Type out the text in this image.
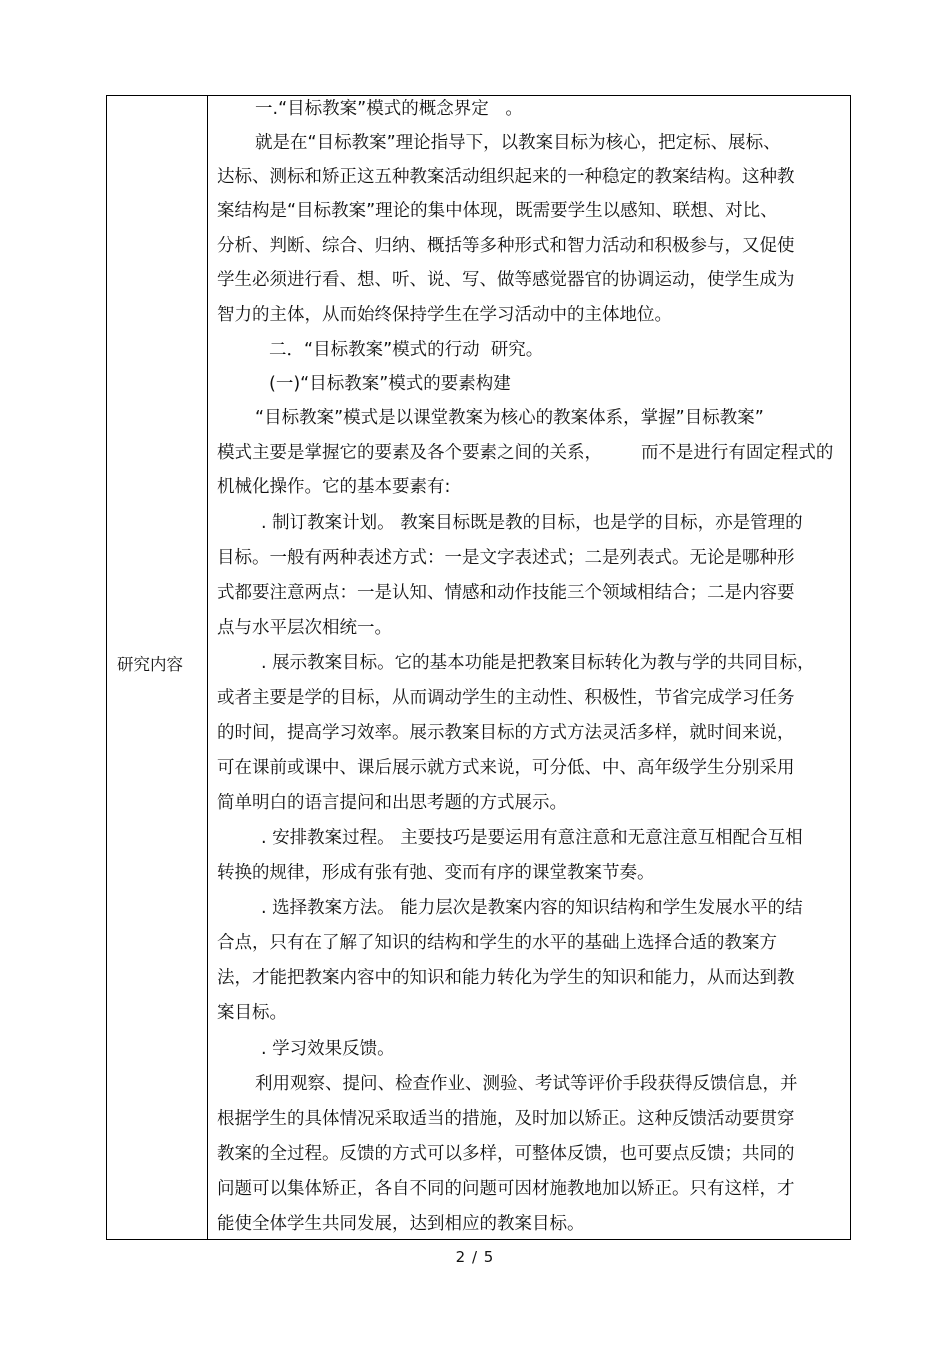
研究内容
一.“目标教案”模式的概念界定   。
就是在“目标教案”理论指导下，以教案目标为核心，把定标、展标、
达标、测标和矫正这五种教案活动组织起来的一种稳定的教案结构。这种教
案结构是“目标教案”理论的集中体现，既需要学生以感知、联想、对比、
分析、判断、综合、归纳、概括等多种形式和智力活动和积极参与，又促使
学生必须进行看、想、听、说、写、做等感觉器官的协调运动，使学生成为
智力的主体，从而始终保持学生在学习活动中的主体地位。
二．“目标教案”模式的行动  研究。
(一)“目标教案”模式的要素构建
“目标教案”模式是以课堂教案为核心的教案体系，掌握”目标教案”
模式主要是掌握它的要素及各个要素之间的关系，       而不是进行有固定程式的
机械化操作。它的基本要素有:
. 制订教案计划。 教案目标既是教的目标，也是学的目标，亦是管理的
目标。一般有两种表述方式：一是文字表述式；二是列表式。无论是哪种形
式都要注意两点：一是认知、情感和动作技能三个领域相结合；二是内容要
点与水平层次相统一。
. 展示教案目标。它的基本功能是把教案目标转化为教与学的共同目标，
或者主要是学的目标，从而调动学生的主动性、积极性，节省完成学习任务
的时间，提高学习效率。展示教案目标的方式方法灵活多样，就时间来说，
可在课前或课中、课后展示就方式来说，可分低、中、高年级学生分别采用
简单明白的语言提问和出思考题的方式展示。
. 安排教案过程。 主要技巧是要运用有意注意和无意注意互相配合互相
转换的规律，形成有张有弛、变而有序的课堂教案节奏。
. 选择教案方法。 能力层次是教案内容的知识结构和学生发展水平的结
合点，只有在了解了知识的结构和学生的水平的基础上选择合适的教案方
法，才能把教案内容中的知识和能力转化为学生的知识和能力，从而达到教
案目标。
. 学习效果反馈。
利用观察、提问、检查作业、测验、考试等评价手段获得反馈信息，并
根据学生的具体情况采取适当的措施，及时加以矫正。这种反馈活动要贯穿
教案的全过程。反馈的方式可以多样，可整体反馈，也可要点反馈；共同的
问题可以集体矫正，各自不同的问题可因材施教地加以矫正。只有这样，才
能使全体学生共同发展，达到相应的教案目标。
2 / 5
